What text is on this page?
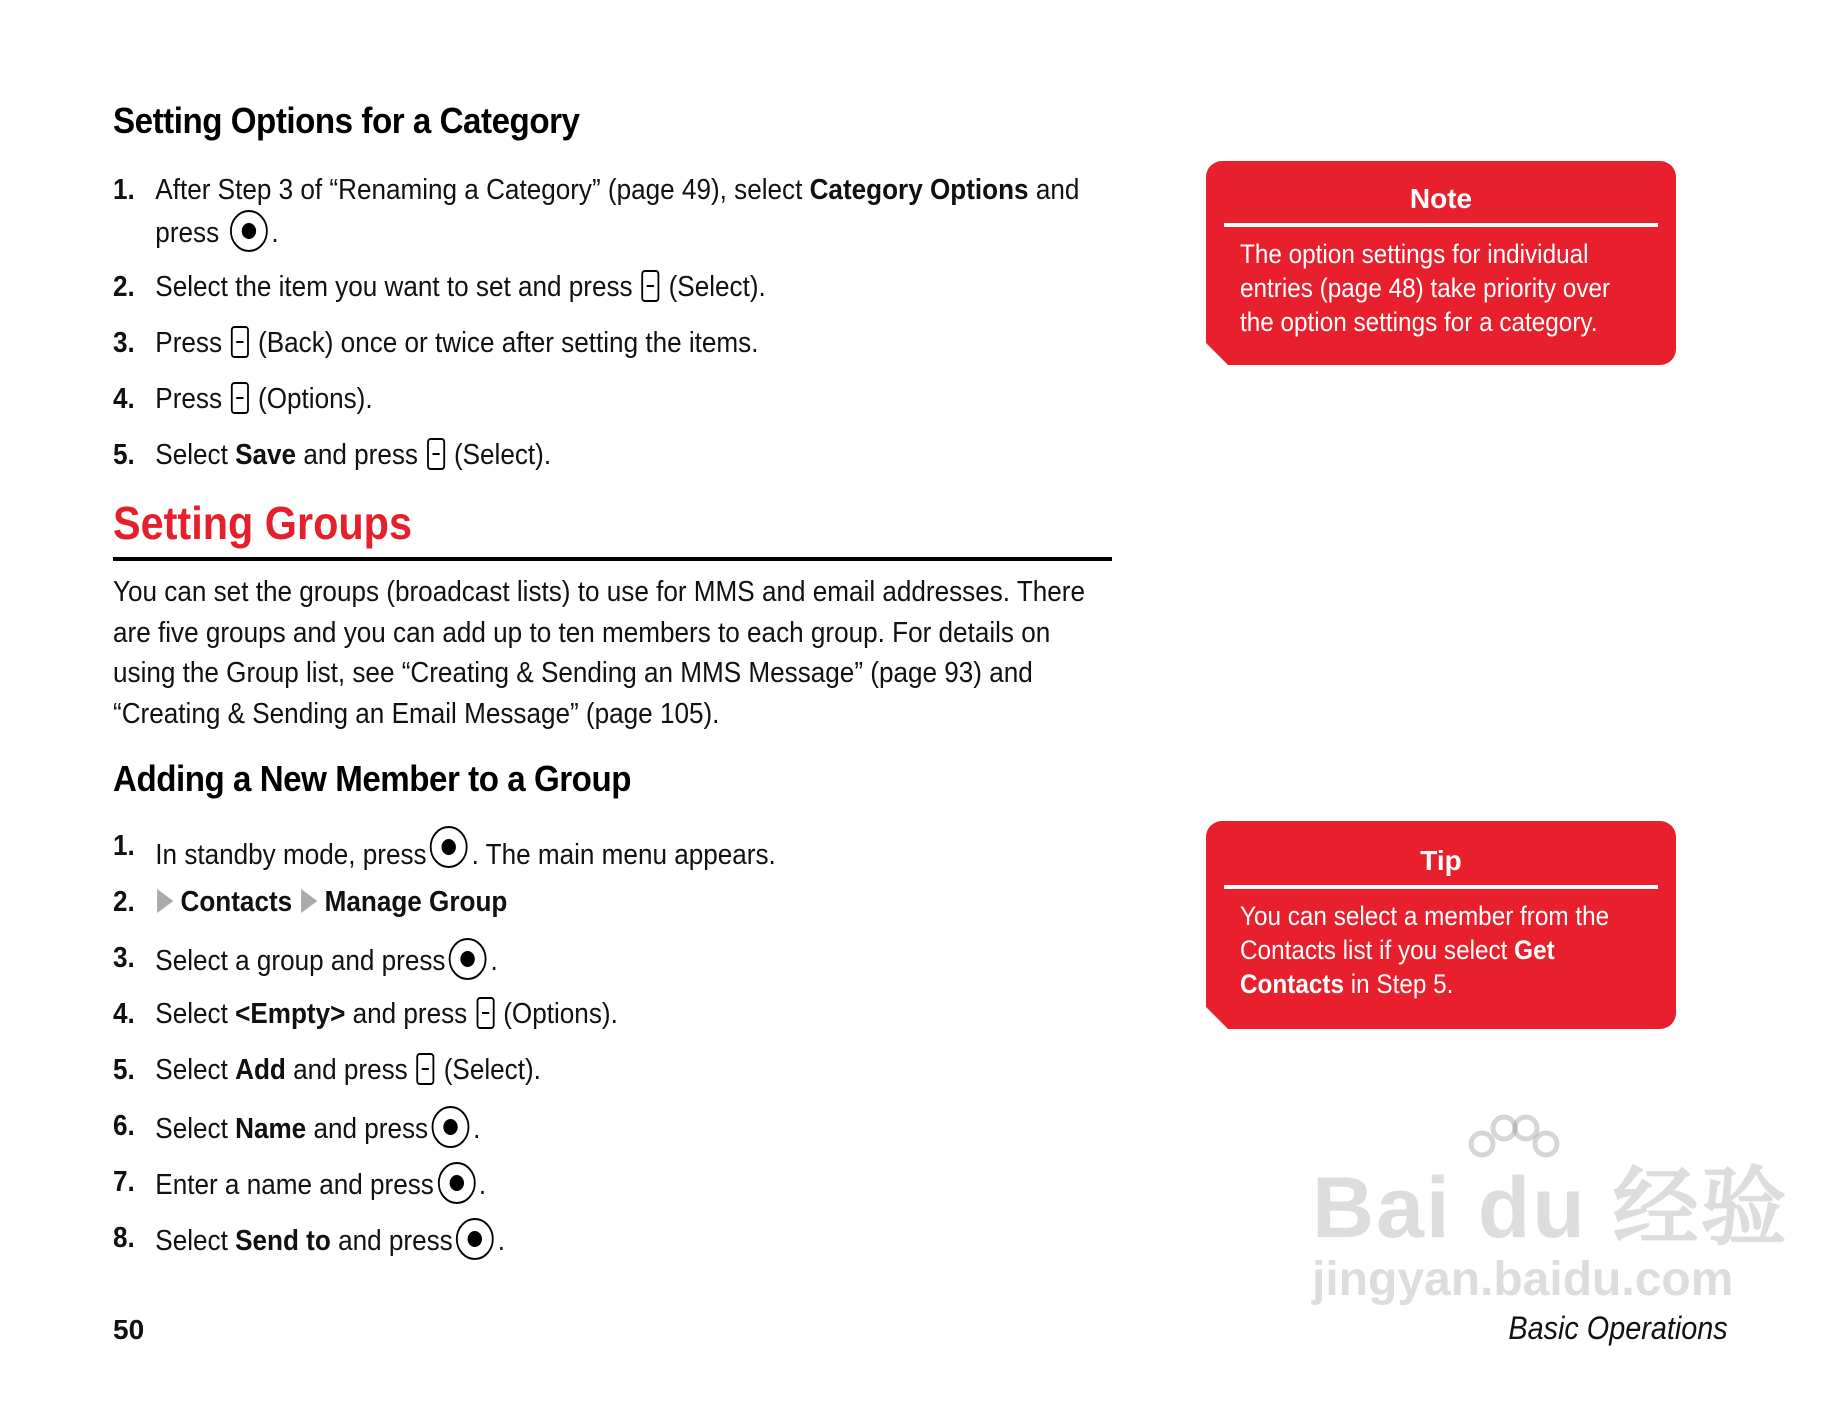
Setting Options for a Category
1. After Step 3 of “Renaming a Category” (page 49), select Category Options and
press .
2. Select the item you want to set and press (Select).
3. Press (Back) once or twice after setting the items.
4. Press (Options).
5. Select Save and press (Select).
Setting Groups

You can set the groups (broadcast lists) to use for MMS and email addresses. There are five groups and you can add up to ten members to each group. For details on using the Group list, see “Creating & Sending an MMS Message” (page 93) and “Creating & Sending an Email Message” (page 105).

Adding a New Member to a Group
1. In standby mode, press . The main menu appears.
2.	Contacts Manage Group
3. Select a group and press .
4. Select <Empty> and press (Options).
5. Select Add and press (Select).
6. Select Name and press .
7. Enter a name and press .
8. Select Send to and press .
Note
The option settings for individual
entries (page 48) take priority over
the option settings for a category.
Tip
You can select a member from the
Contacts list if you select Get
Contacts in Step 5.
Bai du 经验
jingyan.baidu.com
50	Basic Operations
